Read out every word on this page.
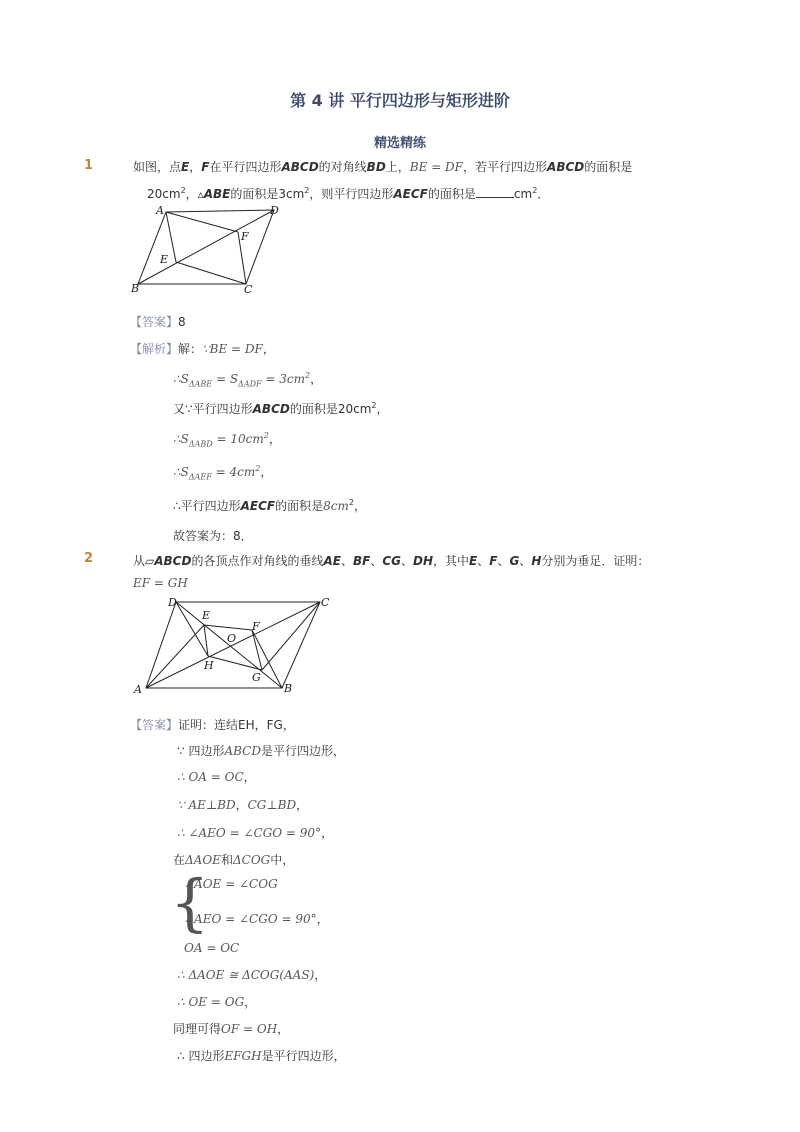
第 4 讲 平行四边形与矩形进阶
精选精练
1	如图，点E，F在平行四边形ABCD的对角线BD上，BE = DF，若平行四边形ABCD的面积是
$20cm^2$，▵ABE的面积是$3cm^2$，则平行四边形AECF的面积是	$cm^2$．
A
B	C
D
E
F
【答案】8
【解析】解：∵BE = DF，
$\therefore S_{\Delta ABE} = S_{\Delta ADF} = 3cm^2$，
又∵平行四边形ABCD的面积是$20cm^2$，
$\therefore S_{\Delta ABD} = 10cm^2$，
$\therefore S_{\Delta AEF} = 4cm^2$，
∴平行四边形AECF的面积是$8cm^2$，
故答案为：8．
2	从▱ABCD的各顶点作对角线的垂线AE、BF、CG、DH，其中E、F、G、H分别为垂足．证明：
EF = GH
A	B
C
D
E
F
G
H
O
【答案】证明：连结EH，FG，
∵ 四边形ABCD是平行四边形，
∴ OA = OC，
∵ AE⊥BD，CG⊥BD，
∴ ∠AEO = ∠CGO = 90°，
在ΔAOE和ΔCOG中，
{
∠AOE = ∠COG
∠AEO = ∠CGO = 90°，
OA = OC
∴ ΔAOE ≅ ΔCOG(AAS)，
∴ OE = OG，
同理可得OF = OH，
∴ 四边形EFGH是平行四边形，
